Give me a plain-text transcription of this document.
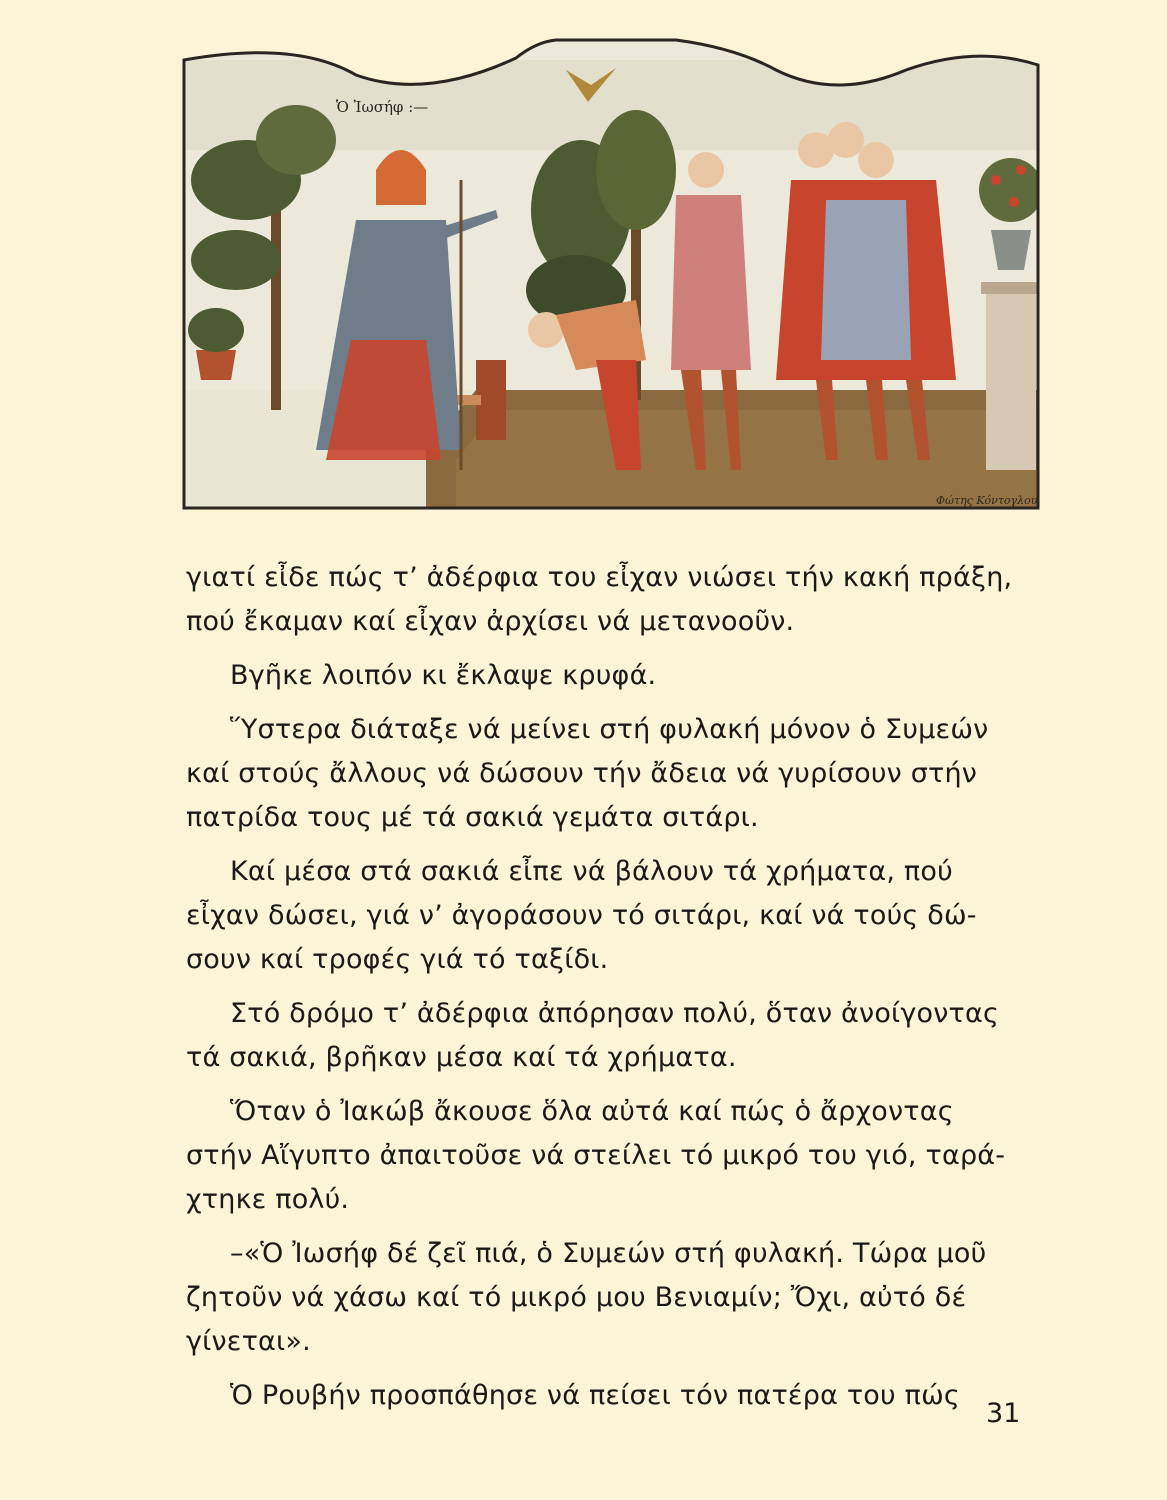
Ὁ Ἰωσήφ :—
Φώτης Κόντογλου

γιατί εἶδε πώς τ’ ἀδέρφια του εἶχαν νιώσει τήν κακή πράξη,
πού ἔκαμαν καί εἶχαν ἀρχίσει νά μετανοοῦν.

Βγῆκε λοιπόν κι ἔκλαψε κρυφά.

Ὕστερα διάταξε νά μείνει στή φυλακή μόνον ὁ Συμεών
καί στούς ἄλλους νά δώσουν τήν ἄδεια νά γυρίσουν στήν
πατρίδα τους μέ τά σακιά γεμάτα σιτάρι.

Καί μέσα στά σακιά εἶπε νά βάλουν τά χρήματα, πού
εἶχαν δώσει, γιά ν’ ἀγοράσουν τό σιτάρι, καί νά τούς δώ-
σουν καί τροφές γιά τό ταξίδι.

Στό δρόμο τ’ ἀδέρφια ἀπόρησαν πολύ, ὅταν ἀνοίγοντας
τά σακιά, βρῆκαν μέσα καί τά χρήματα.

Ὅταν ὁ Ἰακώβ ἄκουσε ὅλα αὐτά καί πώς ὁ ἄρχοντας
στήν Αἴγυπτο ἀπαιτοῦσε νά στείλει τό μικρό του γιό, ταρά-
χτηκε πολύ.

–«Ὁ Ἰωσήφ δέ ζεῖ πιά, ὁ Συμεών στή φυλακή. Τώρα μοῦ
ζητοῦν νά χάσω καί τό μικρό μου Βενιαμίν; Ὄχι, αὐτό δέ
γίνεται».

Ὁ Ρουβήν προσπάθησε νά πείσει τόν πατέρα του πώς

31
